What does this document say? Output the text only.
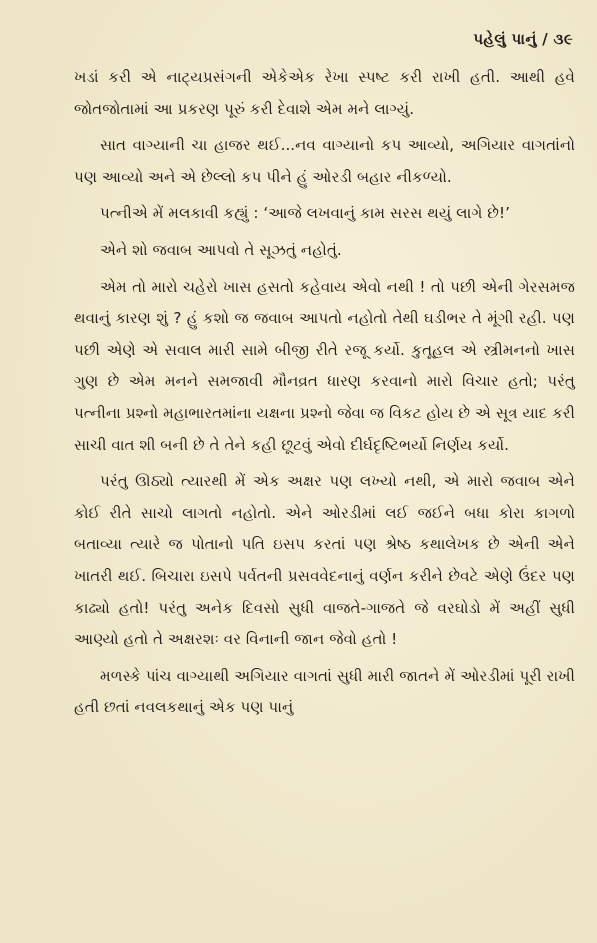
પહેલું પાનું / ૩૯

ખડાં કરી એ નાટ્યપ્રસંગની એકેએક રેખા સ્પષ્ટ કરી રાખી હતી. આથી હવે જોતજોતામાં આ પ્રકરણ પૂરું કરી દેવાશે એમ મને લાગ્યું.

સાત વાગ્યાની ચા હાજર થઈ...નવ વાગ્યાનો કપ આવ્યો, અગિયાર વાગતાંનો પણ આવ્યો અને એ છેલ્લો કપ પીને હું ઓરડી બહાર નીકળ્યો.

પત્નીએ મેં મલકાવી કહ્યું : ‘આજે લખવાનું કામ સરસ થયું લાગે છે!’

એને શો જવાબ આપવો તે સૂઝતું નહોતું.

એમ તો મારો ચહેરો ખાસ હસતો કહેવાય એવો નથી ! તો પછી એની ગેરસમજ થવાનું કારણ શું ? હું કશો જ જવાબ આપતો નહોતો તેથી ઘડીભર તે મૂંગી રહી. પણ પછી એણે એ સવાલ મારી સામે બીજી રીતે રજૂ કર્યો. કુતૂહલ એ સ્ત્રીમનનો ખાસ ગુણ છે એમ મનને સમજાવી મૌનવ્રત ધારણ કરવાનો મારો વિચાર હતો; પરંતુ પત્નીના પ્રશ્નો મહાભારતમાંના યક્ષના પ્રશ્નો જેવા જ વિકટ હોય છે એ સૂત્ર યાદ કરી સાચી વાત શી બની છે તે તેને કહી છૂટવું એવો દીર્ઘદૃષ્ટિભર્યો નિર્ણય કર્યો.

પરંતુ ઊઠ્યો ત્યારથી મેં એક અક્ષર પણ લખ્યો નથી, એ મારો જવાબ એને કોઈ રીતે સાચો લાગતો નહોતો. એને ઓરડીમાં લઈ જઈને બધા કોરા કાગળો બતાવ્યા ત્યારે જ પોતાનો પતિ ઇસપ કરતાં પણ શ્રેષ્ઠ કથાલેખક છે એની એને ખાતરી થઈ. બિચારા ઇસપે પર્વતની પ્રસવવેદનાનું વર્ણન કરીને છેવટે એણે ઉંદર પણ કાઢ્યો હતો! પરંતુ અનેક દિવસો સુધી વાજતે-ગાજતે જે વરઘોડો મેં અહીં સુધી આણ્યો હતો તે અક્ષરશઃ વર વિનાની જાન જેવો હતો !

મળસ્કે પાંચ વાગ્યાથી અગિયાર વાગતાં સુધી મારી જાતને મેં ઓરડીમાં પૂરી રાખી હતી છતાં નવલકથાનું એક પણ પાનું
